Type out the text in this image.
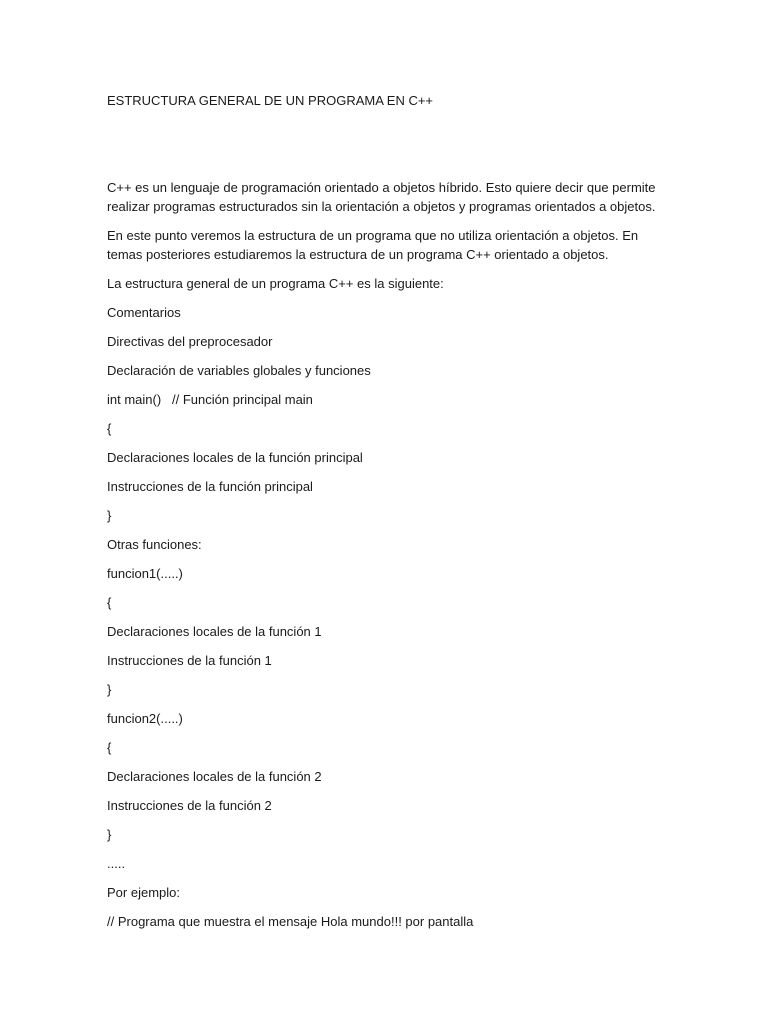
ESTRUCTURA GENERAL DE UN PROGRAMA EN C++

C++ es un lenguaje de programación orientado a objetos híbrido. Esto quiere decir que permite realizar programas estructurados sin la orientación a objetos y programas orientados a objetos.

En este punto veremos la estructura de un programa que no utiliza orientación a objetos. En temas posteriores estudiaremos la estructura de un programa C++ orientado a objetos.

La estructura general de un programa C++ es la siguiente:
Comentarios
Directivas del preprocesador
Declaración de variables globales y funciones
int main()   // Función principal main
{
Declaraciones locales de la función principal
Instrucciones de la función principal
}
Otras funciones:
funcion1(.....)
{
Declaraciones locales de la función 1
Instrucciones de la función 1
}
funcion2(.....)
{
Declaraciones locales de la función 2
Instrucciones de la función 2
}
.....
Por ejemplo:
// Programa que muestra el mensaje Hola mundo!!! por pantalla
